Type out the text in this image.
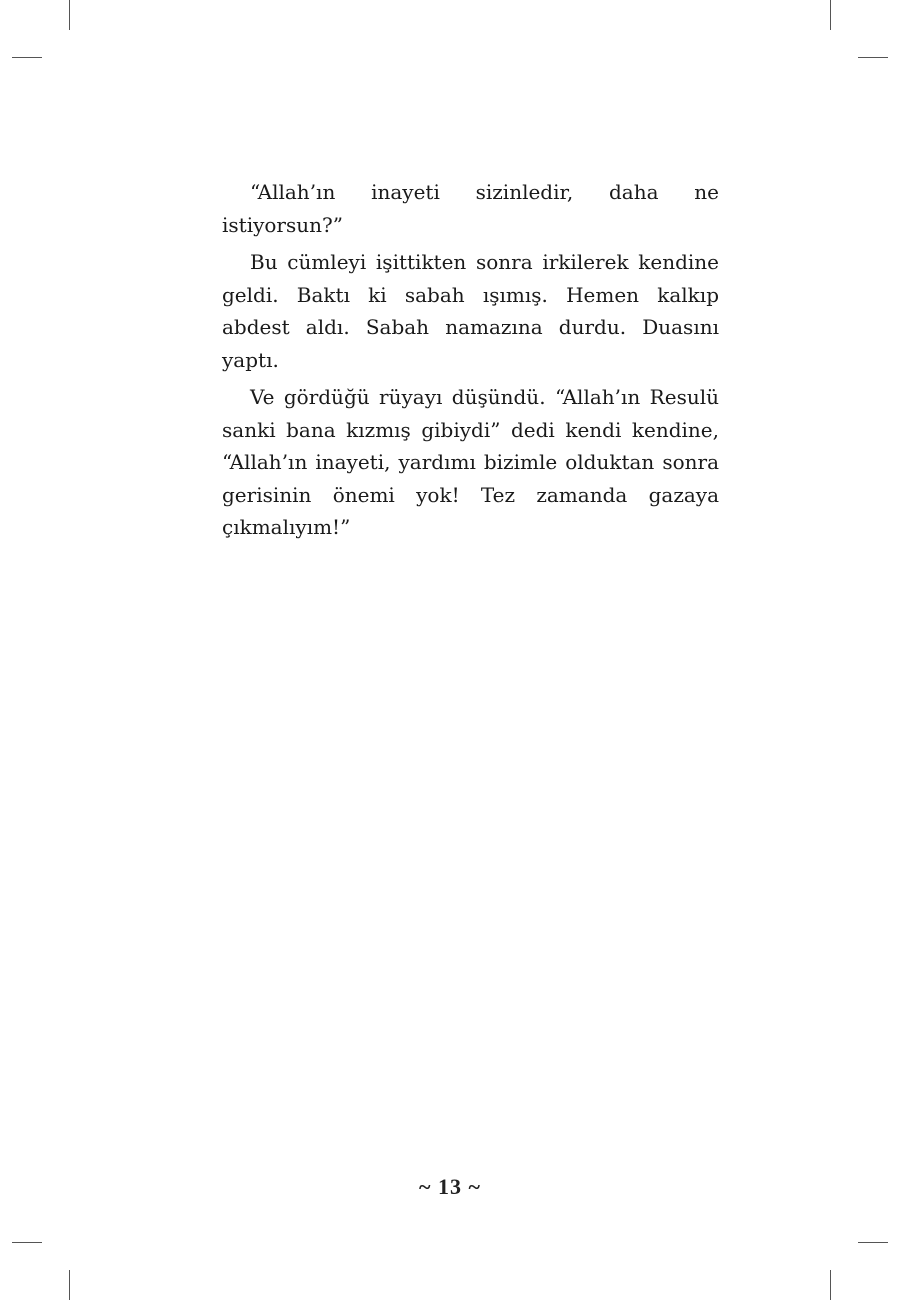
“Allah’ın inayeti sizinledir, daha ne istiyorsun?”

Bu cümleyi işittikten sonra irkilerek kendine geldi. Baktı ki sabah ışımış. Hemen kalkıp abdest aldı. Sabah namazına durdu. Duasını yaptı.

Ve gördüğü rüyayı düşündü. “Allah’ın Resulü sanki bana kızmış gibiydi” dedi kendi kendine, “Allah’ın inayeti, yardımı bizimle olduktan sonra gerisinin önemi yok! Tez zamanda gazaya çıkmalıyım!”

~ 13 ~
